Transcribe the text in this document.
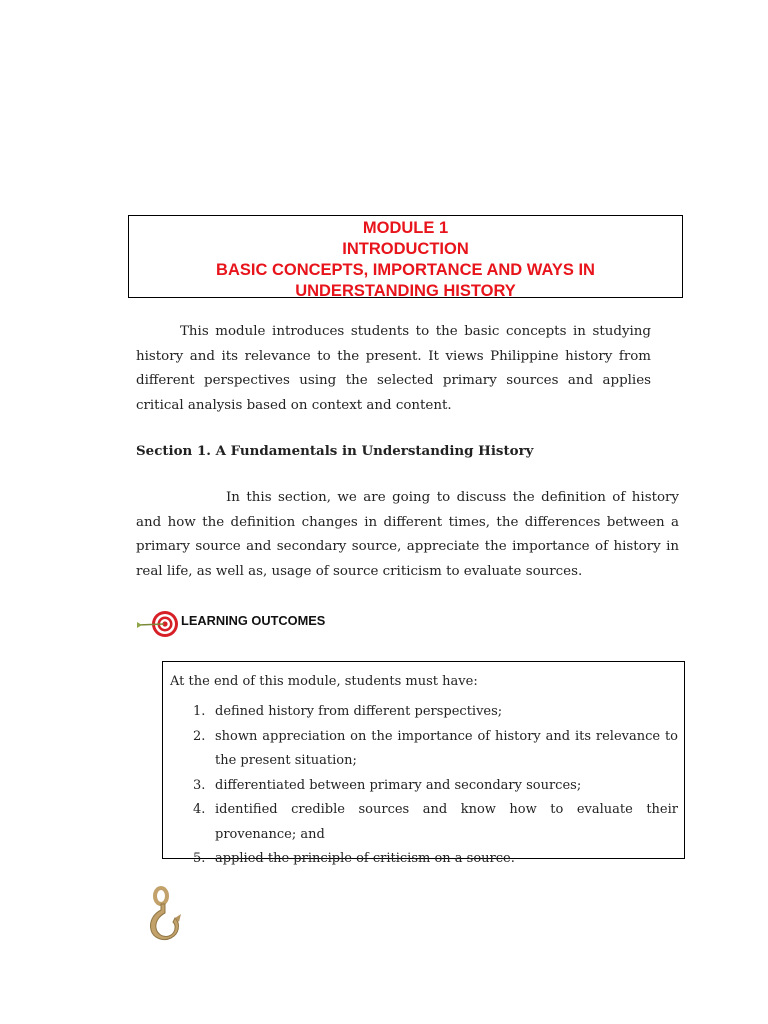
MODULE 1
INTRODUCTION
BASIC CONCEPTS, IMPORTANCE AND WAYS IN
UNDERSTANDING HISTORY

This module introduces students to the basic concepts in studying history and its relevance to the present. It views Philippine history from different perspectives using the selected primary sources and applies critical analysis based on context and content.

Section 1. A Fundamentals in Understanding History

In this section, we are going to discuss the definition of history and how the definition changes in different times, the differences between a primary source and secondary source, appreciate the importance of history in real life, as well as, usage of source criticism to evaluate sources.

LEARNING OUTCOMES
At the end of this module, students must have:
1. defined history from different perspectives;
2. shown appreciation on the importance of history and its relevance to the present situation;
3. differentiated between primary and secondary sources;
4. identified credible sources and know how to evaluate their provenance; and
5. applied the principle of criticism on a source.
